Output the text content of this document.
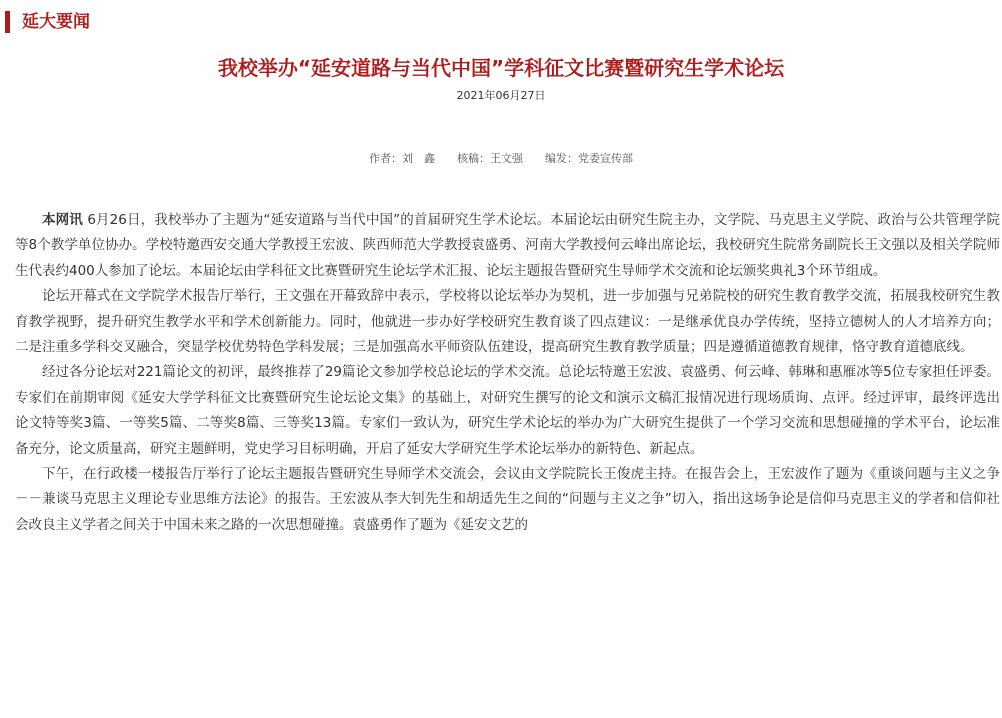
延大要闻
我校举办“延安道路与当代中国”学科征文比赛暨研究生学术论坛
2021年06月27日
作者：刘　鑫　　核稿：王文强　　编发：党委宣传部

本网讯 6月26日，我校举办了主题为“延安道路与当代中国”的首届研究生学术论坛。本届论坛由研究生院主办，文学院、马克思主义学院、政治与公共管理学院等8个教学单位协办。学校特邀西安交通大学教授王宏波、陕西师范大学教授袁盛勇、河南大学教授何云峰出席论坛，我校研究生院常务副院长王文强以及相关学院师生代表约400人参加了论坛。本届论坛由学科征文比赛暨研究生论坛学术汇报、论坛主题报告暨研究生导师学术交流和论坛颁奖典礼3个环节组成。

论坛开幕式在文学院学术报告厅举行，王文强在开幕致辞中表示，学校将以论坛举办为契机，进一步加强与兄弟院校的研究生教育教学交流，拓展我校研究生教育教学视野，提升研究生教学水平和学术创新能力。同时，他就进一步办好学校研究生教育谈了四点建议：一是继承优良办学传统，坚持立德树人的人才培养方向；二是注重多学科交叉融合，突显学校优势特色学科发展；三是加强高水平师资队伍建设，提高研究生教育教学质量；四是遵循道德教育规律，恪守教育道德底线。

经过各分论坛对221篇论文的初评，最终推荐了29篇论文参加学校总论坛的学术交流。总论坛特邀王宏波、袁盛勇、何云峰、韩琳和惠雁冰等5位专家担任评委。专家们在前期审阅《延安大学学科征文比赛暨研究生论坛论文集》的基础上，对研究生撰写的论文和演示文稿汇报情况进行现场质询、点评。经过评审，最终评选出论文特等奖3篇、一等奖5篇、二等奖8篇、三等奖13篇。专家们一致认为，研究生学术论坛的举办为广大研究生提供了一个学习交流和思想碰撞的学术平台，论坛准备充分，论文质量高，研究主题鲜明，党史学习目标明确，开启了延安大学研究生学术论坛举办的新特色、新起点。

下午，在行政楼一楼报告厅举行了论坛主题报告暨研究生导师学术交流会，会议由文学院院长王俊虎主持。在报告会上，王宏波作了题为《重谈问题与主义之争－－兼谈马克思主义理论专业思维方法论》的报告。王宏波从李大钊先生和胡适先生之间的“问题与主义之争”切入，指出这场争论是信仰马克思主义的学者和信仰社会改良主义学者之间关于中国未来之路的一次思想碰撞。袁盛勇作了题为《延安文艺的
